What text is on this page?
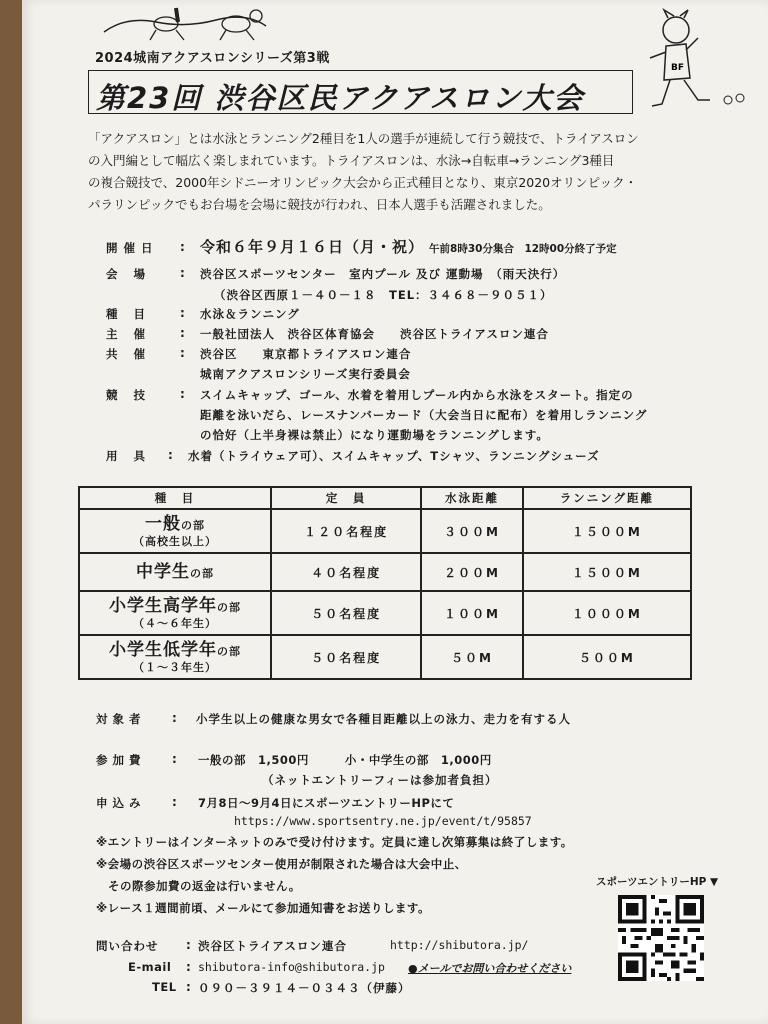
BF
2024城南アクアスロンシリーズ第3戦
第23回 渋谷区民アクアスロン大会
「アクアスロン」とは水泳とランニング2種目を1人の選手が連続して行う競技で、トライアスロン
の入門編として幅広く楽しまれています。トライアスロンは、水泳→自転車→ランニング3種目
の複合競技で、2000年シドニーオリンピック大会から正式種目となり、東京2020オリンピック・
パラリンピックでもお台場を会場に競技が行われ、日本人選手も活躍されました。
開催日 : 令和６年９月１６日（月・祝） 午前8時30分集合　12時00分終了予定
会 場 : 渋谷区スポーツセンター　室内プール 及び 運動場　（雨天決行）
（渋谷区西原１－４０－１８　TEL：３４６８－９０５１）
種 目 : 水泳＆ランニング
主 催 : 一般社団法人　渋谷区体育協会　　渋谷区トライアスロン連合
共 催 : 渋谷区　　東京都トライアスロン連合
城南アクアスロンシリーズ実行委員会
競 技 : スイムキャップ、ゴール、水着を着用しプール内から水泳をスタート。指定の
距離を泳いだら、レースナンバーカード（大会当日に配布）を着用しランニング
の恰好（上半身裸は禁止）になり運動場をランニングします。
用 具 : 水着（トライウェア可）、スイムキャップ、Tシャツ、ランニングシューズ
種　目	定　員	水泳距離	ランニング距離
一般の部
（高校生以上）	１２０名程度	３００M	１５００M
中学生の部	４０名程度	２００M	１５００M
小学生高学年の部
（４～６年生）	５０名程度	１００M	１０００M
小学生低学年の部
（１～３年生）	５０名程度	５０M	５００M
対象者 : 小学生以上の健康な男女で各種目距離以上の泳力、走力を有する人
参加費 : 一般の部　1,500円　　　小・中学生の部　1,000円
（ネットエントリーフィーは参加者負担）
申込み : 7月8日～9月4日にスポーツエントリーHPにて
https://www.sportsentry.ne.jp/event/t/95857
※エントリーはインターネットのみで受け付けます。定員に達し次第募集は終了します。
※会場の渋谷区スポーツセンター使用が制限された場合は大会中止、
　その際参加費の返金は行いません。
※レース１週間前頃、メールにて参加通知書をお送りします。
スポーツエントリーHP ▼
問い合わせ : 渋谷区トライアスロン連合	http://shibutora.jp/
E-mail : shibutora-info@shibutora.jp ●メールでお問い合わせください
TEL : ０９０－３９１４－０３４３（伊藤）
